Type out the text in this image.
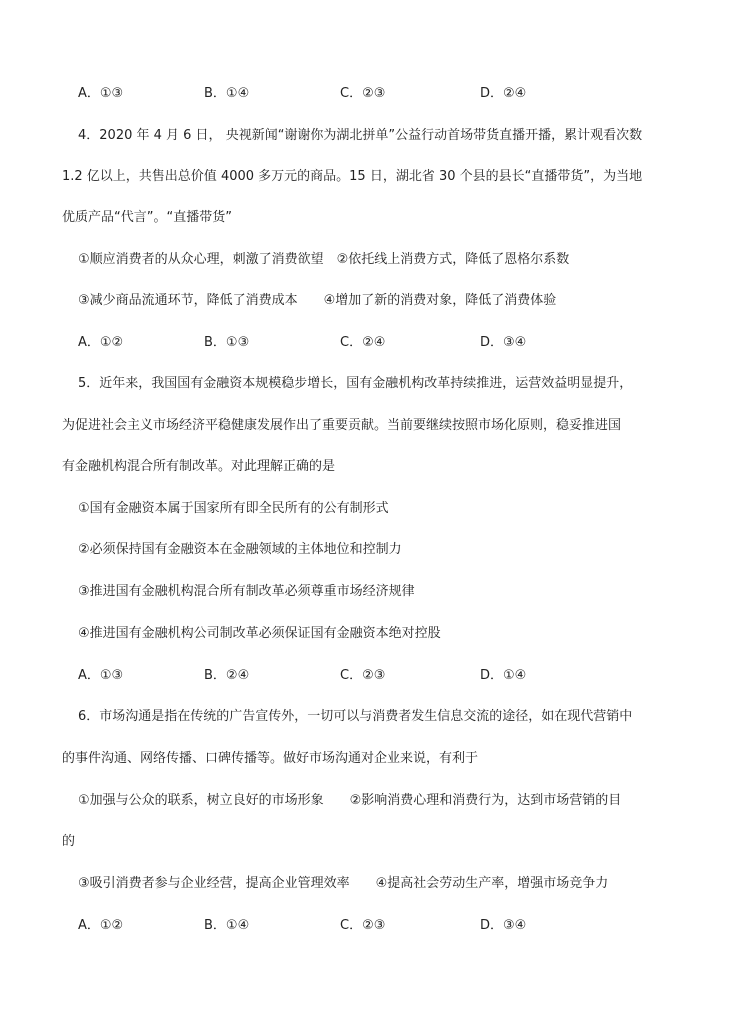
A．①③	B．①④	C．②③	D．②④
4．2020 年 4 月 6 日， 央视新闻“谢谢你为湖北拼单”公益行动首场带货直播开播，累计观看次数
1.2 亿以上，共售出总价值 4000 多万元的商品。15 日，湖北省 30 个县的县长“直播带货”，为当地
优质产品“代言”。“直播带货”
①顺应消费者的从众心理，刺激了消费欲望　②依托线上消费方式，降低了恩格尔系数
③减少商品流通环节，降低了消费成本　　④增加了新的消费对象，降低了消费体验
A．①②	B．①③	C．②④	D．③④
5．近年来，我国国有金融资本规模稳步增长，国有金融机构改革持续推进，运营效益明显提升，
为促进社会主义市场经济平稳健康发展作出了重要贡献。当前要继续按照市场化原则，稳妥推进国
有金融机构混合所有制改革。对此理解正确的是
①国有金融资本属于国家所有即全民所有的公有制形式
②必须保持国有金融资本在金融领域的主体地位和控制力
③推进国有金融机构混合所有制改革必须尊重市场经济规律
④推进国有金融机构公司制改革必须保证国有金融资本绝对控股
A．①③	B．②④	C．②③	D．①④
6．市场沟通是指在传统的广告宣传外，一切可以与消费者发生信息交流的途径，如在现代营销中
的事件沟通、网络传播、口碑传播等。做好市场沟通对企业来说，有利于
①加强与公众的联系，树立良好的市场形象　　②影响消费心理和消费行为，达到市场营销的目
的
③吸引消费者参与企业经营，提高企业管理效率　　④提高社会劳动生产率，增强市场竞争力
A．①②	B．①④	C．②③	D．③④
